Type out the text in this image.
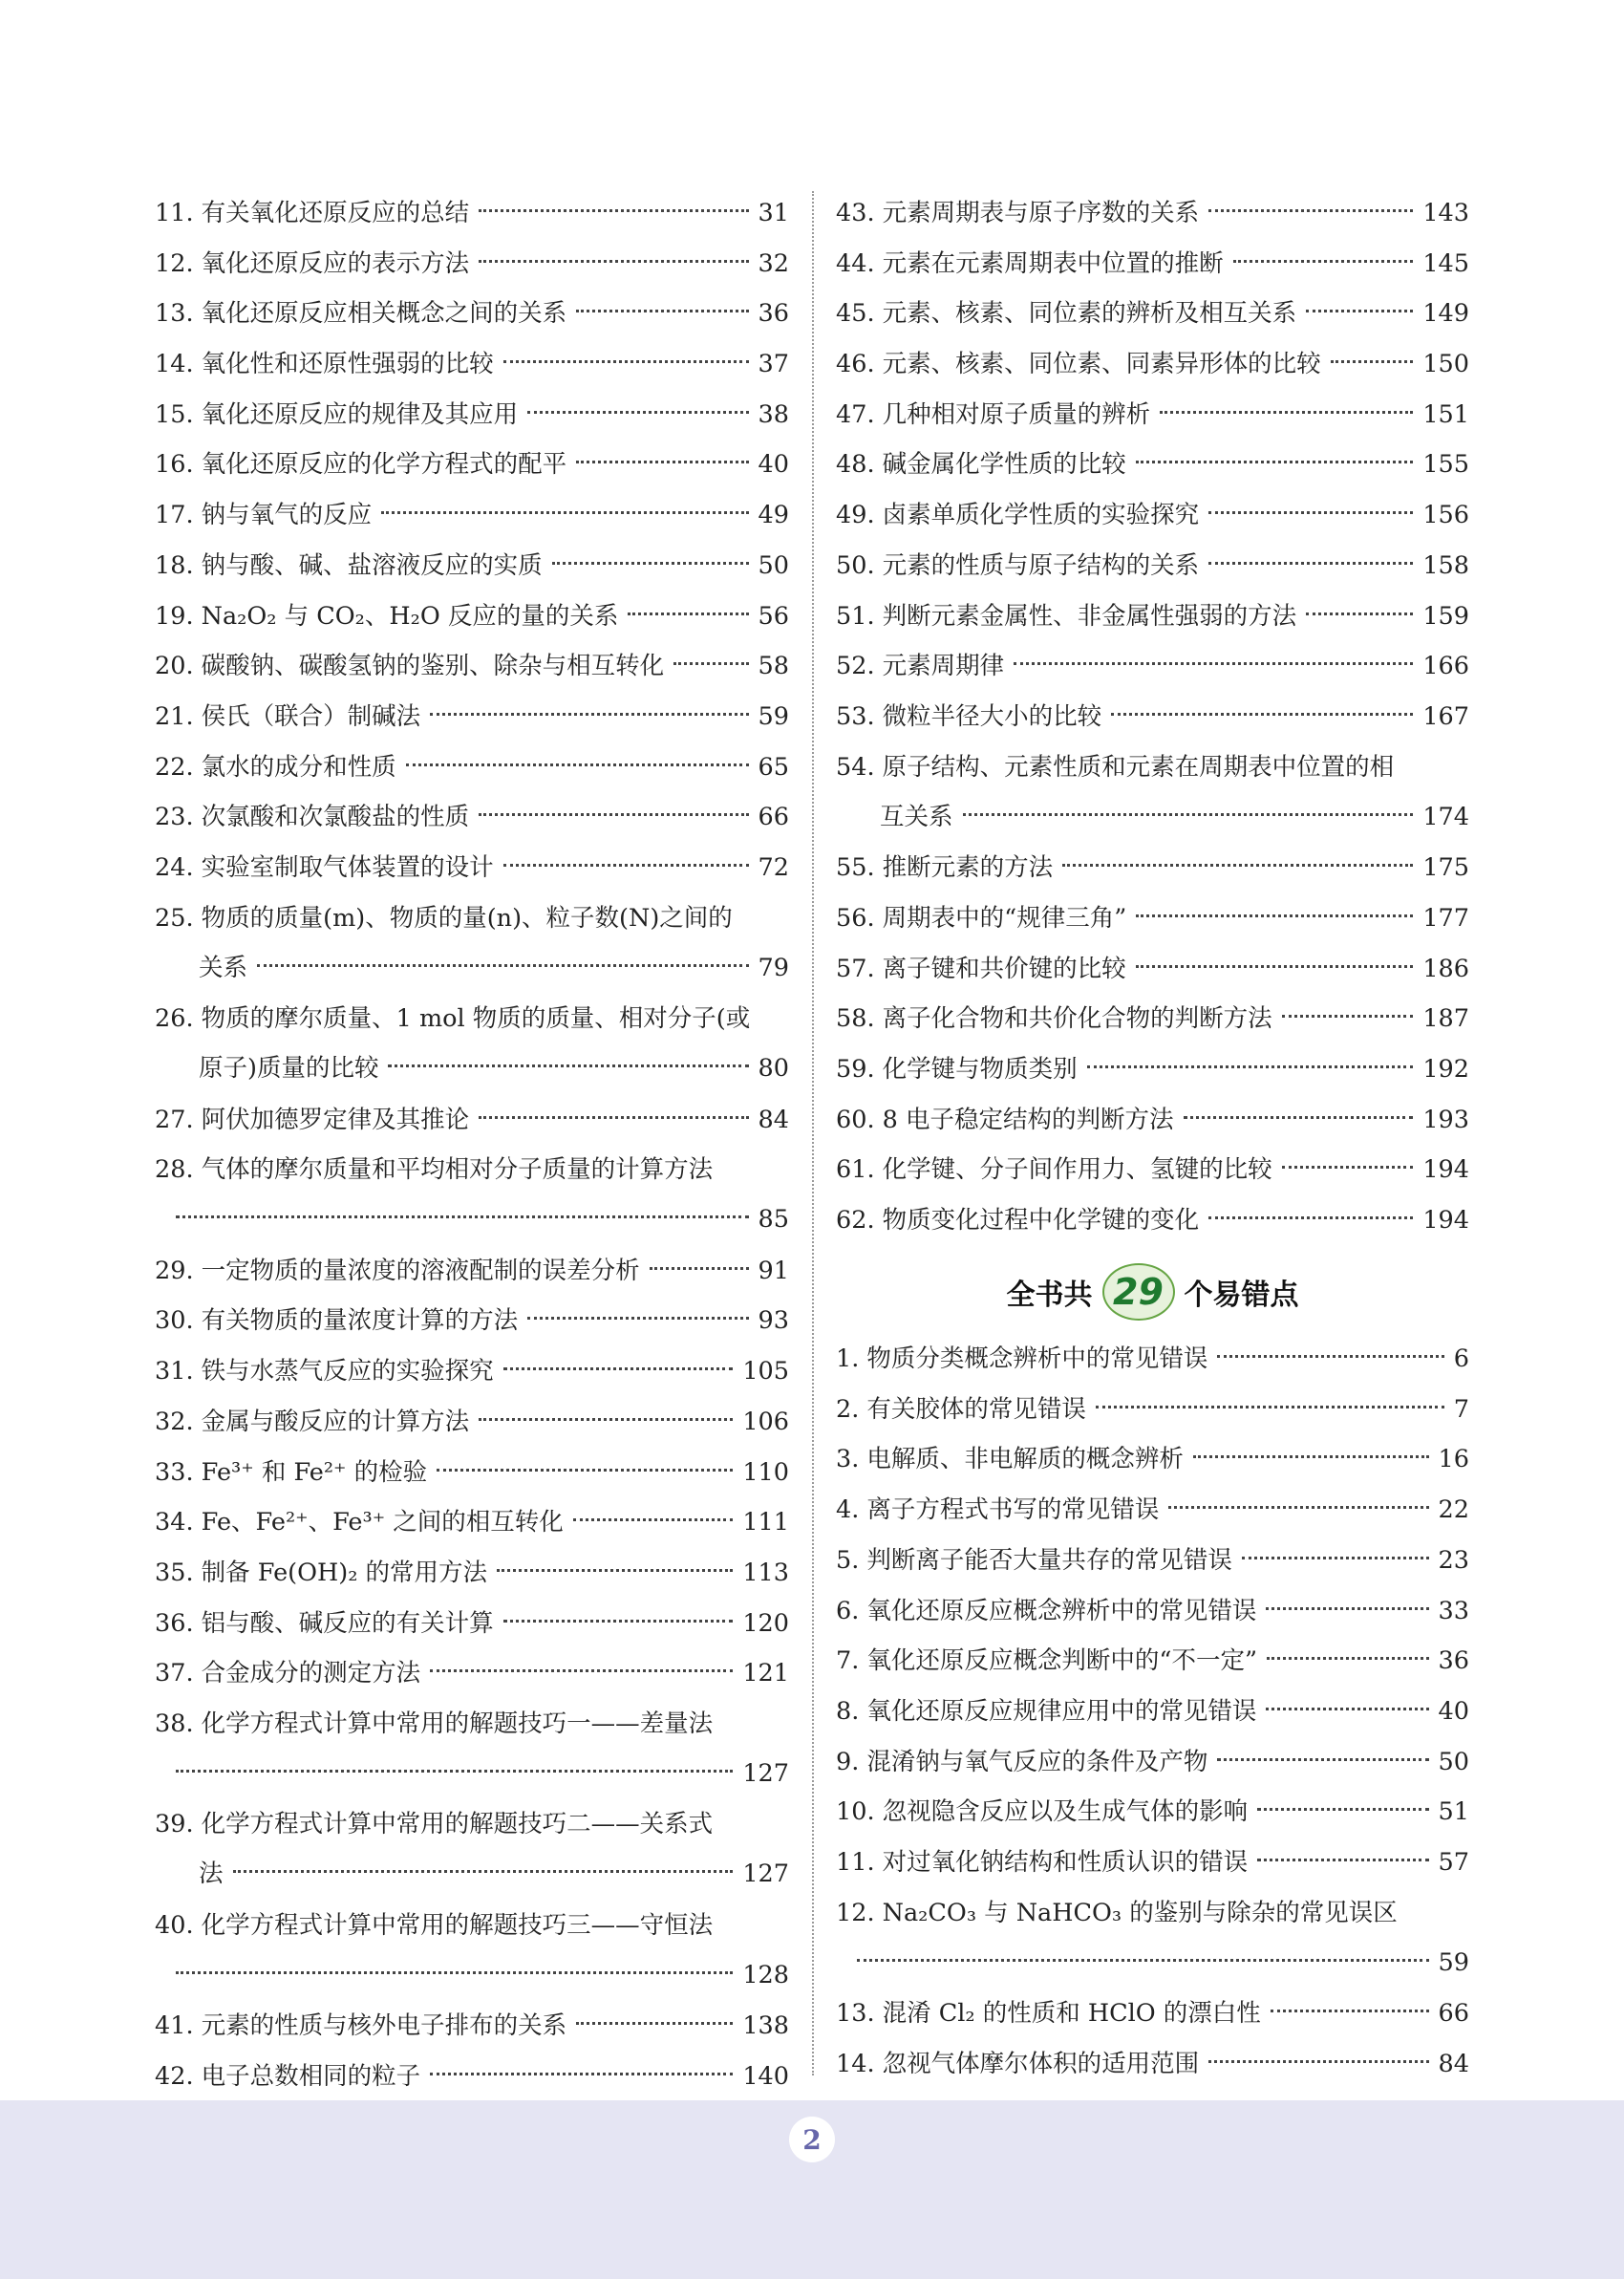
11. 有关氧化还原反应的总结	31
12. 氧化还原反应的表示方法	32
13. 氧化还原反应相关概念之间的关系	36
14. 氧化性和还原性强弱的比较	37
15. 氧化还原反应的规律及其应用	38
16. 氧化还原反应的化学方程式的配平	40
17. 钠与氧气的反应	49
18. 钠与酸、碱、盐溶液反应的实质	50
19. Na₂O₂ 与 CO₂、H₂O 反应的量的关系	56
20. 碳酸钠、碳酸氢钠的鉴别、除杂与相互转化	58
21. 侯氏（联合）制碱法	59
22. 氯水的成分和性质	65
23. 次氯酸和次氯酸盐的性质	66
24. 实验室制取气体装置的设计	72
25. 物质的质量(m)、物质的量(n)、粒子数(N)之间的
关系	79
26. 物质的摩尔质量、1 mol 物质的质量、相对分子(或
原子)质量的比较	80
27. 阿伏加德罗定律及其推论	84
28. 气体的摩尔质量和平均相对分子质量的计算方法
85
29. 一定物质的量浓度的溶液配制的误差分析	91
30. 有关物质的量浓度计算的方法	93
31. 铁与水蒸气反应的实验探究	105
32. 金属与酸反应的计算方法	106
33. Fe³⁺ 和 Fe²⁺ 的检验	110
34. Fe、Fe²⁺、Fe³⁺ 之间的相互转化	111
35. 制备 Fe(OH)₂ 的常用方法	113
36. 铝与酸、碱反应的有关计算	120
37. 合金成分的测定方法	121
38. 化学方程式计算中常用的解题技巧一——差量法
127
39. 化学方程式计算中常用的解题技巧二——关系式
法	127
40. 化学方程式计算中常用的解题技巧三——守恒法
128
41. 元素的性质与核外电子排布的关系	138
42. 电子总数相同的粒子	140
43. 元素周期表与原子序数的关系	143
44. 元素在元素周期表中位置的推断	145
45. 元素、核素、同位素的辨析及相互关系	149
46. 元素、核素、同位素、同素异形体的比较	150
47. 几种相对原子质量的辨析	151
48. 碱金属化学性质的比较	155
49. 卤素单质化学性质的实验探究	156
50. 元素的性质与原子结构的关系	158
51. 判断元素金属性、非金属性强弱的方法	159
52. 元素周期律	166
53. 微粒半径大小的比较	167
54. 原子结构、元素性质和元素在周期表中位置的相
互关系	174
55. 推断元素的方法	175
56. 周期表中的“规律三角”	177
57. 离子键和共价键的比较	186
58. 离子化合物和共价化合物的判断方法	187
59. 化学键与物质类别	192
60. 8 电子稳定结构的判断方法	193
61. 化学键、分子间作用力、氢键的比较	194
62. 物质变化过程中化学键的变化	194
1. 物质分类概念辨析中的常见错误	6
2. 有关胶体的常见错误	7
3. 电解质、非电解质的概念辨析	16
4. 离子方程式书写的常见错误	22
5. 判断离子能否大量共存的常见错误	23
6. 氧化还原反应概念辨析中的常见错误	33
7. 氧化还原反应概念判断中的“不一定”	36
8. 氧化还原反应规律应用中的常见错误	40
9. 混淆钠与氧气反应的条件及产物	50
10. 忽视隐含反应以及生成气体的影响	51
11. 对过氧化钠结构和性质认识的错误	57
12. Na₂CO₃ 与 NaHCO₃ 的鉴别与除杂的常见误区
59
13. 混淆 Cl₂ 的性质和 HClO 的漂白性	66
14. 忽视气体摩尔体积的适用范围	84
全书共 29 个易错点
2
